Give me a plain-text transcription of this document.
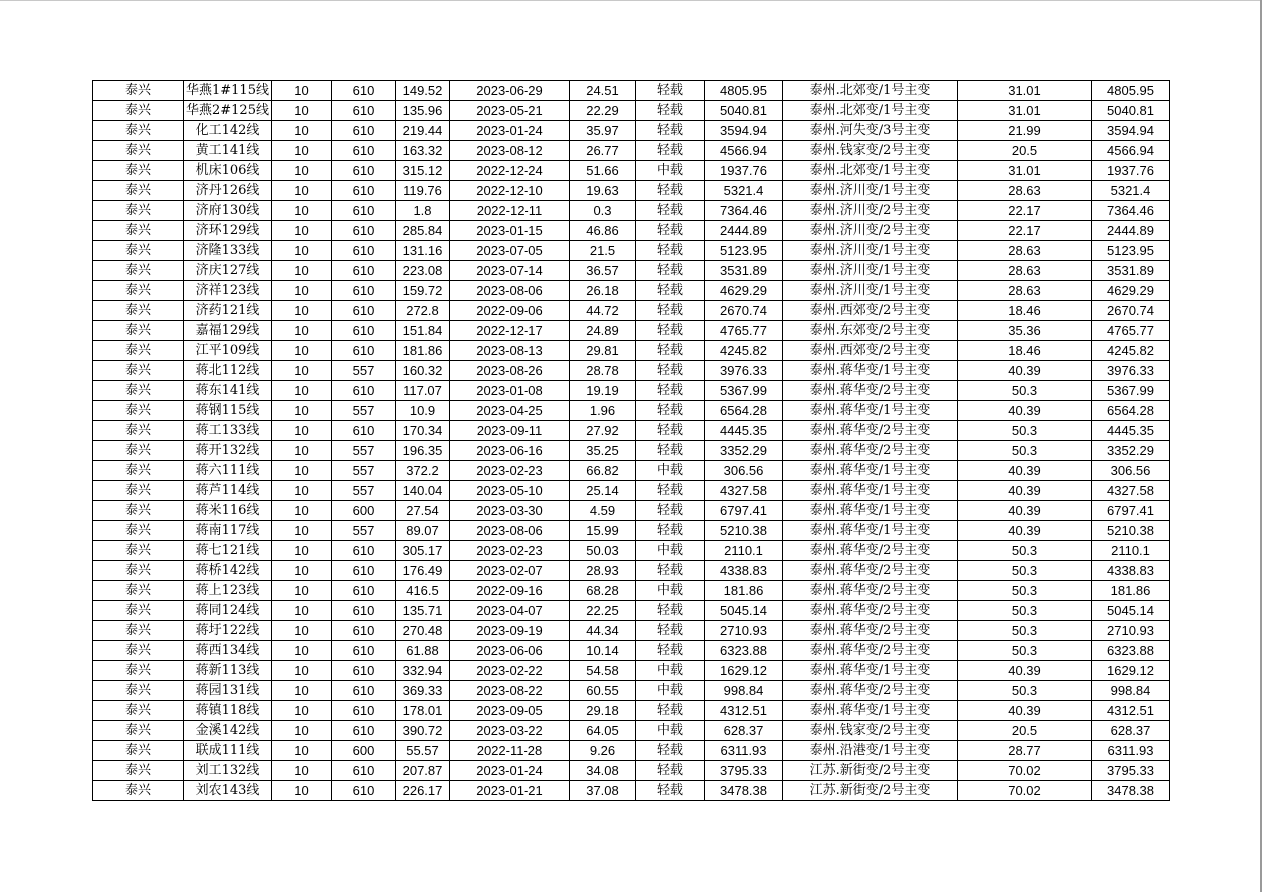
泰兴	华燕1#115线	10	610	149.52	2023-06-29	24.51	轻载	4805.95	泰州.北郊变/1号主变	31.01	4805.95
泰兴	华燕2#125线	10	610	135.96	2023-05-21	22.29	轻载	5040.81	泰州.北郊变/1号主变	31.01	5040.81
泰兴	化工142线	10	610	219.44	2023-01-24	35.97	轻载	3594.94	泰州.河失变/3号主变	21.99	3594.94
泰兴	黄工141线	10	610	163.32	2023-08-12	26.77	轻载	4566.94	泰州.钱家变/2号主变	20.5	4566.94
泰兴	机床106线	10	610	315.12	2022-12-24	51.66	中载	1937.76	泰州.北郊变/1号主变	31.01	1937.76
泰兴	济丹126线	10	610	119.76	2022-12-10	19.63	轻载	5321.4	泰州.济川变/1号主变	28.63	5321.4
泰兴	济府130线	10	610	1.8	2022-12-11	0.3	轻载	7364.46	泰州.济川变/2号主变	22.17	7364.46
泰兴	济环129线	10	610	285.84	2023-01-15	46.86	轻载	2444.89	泰州.济川变/2号主变	22.17	2444.89
泰兴	济隆133线	10	610	131.16	2023-07-05	21.5	轻载	5123.95	泰州.济川变/1号主变	28.63	5123.95
泰兴	济庆127线	10	610	223.08	2023-07-14	36.57	轻载	3531.89	泰州.济川变/1号主变	28.63	3531.89
泰兴	济祥123线	10	610	159.72	2023-08-06	26.18	轻载	4629.29	泰州.济川变/1号主变	28.63	4629.29
泰兴	济药121线	10	610	272.8	2022-09-06	44.72	轻载	2670.74	泰州.西郊变/2号主变	18.46	2670.74
泰兴	嘉福129线	10	610	151.84	2022-12-17	24.89	轻载	4765.77	泰州.东郊变/2号主变	35.36	4765.77
泰兴	江平109线	10	610	181.86	2023-08-13	29.81	轻载	4245.82	泰州.西郊变/2号主变	18.46	4245.82
泰兴	蒋北112线	10	557	160.32	2023-08-26	28.78	轻载	3976.33	泰州.蒋华变/1号主变	40.39	3976.33
泰兴	蒋东141线	10	610	117.07	2023-01-08	19.19	轻载	5367.99	泰州.蒋华变/2号主变	50.3	5367.99
泰兴	蒋钢115线	10	557	10.9	2023-04-25	1.96	轻载	6564.28	泰州.蒋华变/1号主变	40.39	6564.28
泰兴	蒋工133线	10	610	170.34	2023-09-11	27.92	轻载	4445.35	泰州.蒋华变/2号主变	50.3	4445.35
泰兴	蒋开132线	10	557	196.35	2023-06-16	35.25	轻载	3352.29	泰州.蒋华变/2号主变	50.3	3352.29
泰兴	蒋六111线	10	557	372.2	2023-02-23	66.82	中载	306.56	泰州.蒋华变/1号主变	40.39	306.56
泰兴	蒋芦114线	10	557	140.04	2023-05-10	25.14	轻载	4327.58	泰州.蒋华变/1号主变	40.39	4327.58
泰兴	蒋米116线	10	600	27.54	2023-03-30	4.59	轻载	6797.41	泰州.蒋华变/1号主变	40.39	6797.41
泰兴	蒋南117线	10	557	89.07	2023-08-06	15.99	轻载	5210.38	泰州.蒋华变/1号主变	40.39	5210.38
泰兴	蒋七121线	10	610	305.17	2023-02-23	50.03	中载	2110.1	泰州.蒋华变/2号主变	50.3	2110.1
泰兴	蒋桥142线	10	610	176.49	2023-02-07	28.93	轻载	4338.83	泰州.蒋华变/2号主变	50.3	4338.83
泰兴	蒋上123线	10	610	416.5	2022-09-16	68.28	中载	181.86	泰州.蒋华变/2号主变	50.3	181.86
泰兴	蒋同124线	10	610	135.71	2023-04-07	22.25	轻载	5045.14	泰州.蒋华变/2号主变	50.3	5045.14
泰兴	蒋圩122线	10	610	270.48	2023-09-19	44.34	轻载	2710.93	泰州.蒋华变/2号主变	50.3	2710.93
泰兴	蒋西134线	10	610	61.88	2023-06-06	10.14	轻载	6323.88	泰州.蒋华变/2号主变	50.3	6323.88
泰兴	蒋新113线	10	610	332.94	2023-02-22	54.58	中载	1629.12	泰州.蒋华变/1号主变	40.39	1629.12
泰兴	蒋园131线	10	610	369.33	2023-08-22	60.55	中载	998.84	泰州.蒋华变/2号主变	50.3	998.84
泰兴	蒋镇118线	10	610	178.01	2023-09-05	29.18	轻载	4312.51	泰州.蒋华变/1号主变	40.39	4312.51
泰兴	金溪142线	10	610	390.72	2023-03-22	64.05	中载	628.37	泰州.钱家变/2号主变	20.5	628.37
泰兴	联成111线	10	600	55.57	2022-11-28	9.26	轻载	6311.93	泰州.沿港变/1号主变	28.77	6311.93
泰兴	刘工132线	10	610	207.87	2023-01-24	34.08	轻载	3795.33	江苏.新街变/2号主变	70.02	3795.33
泰兴	刘农143线	10	610	226.17	2023-01-21	37.08	轻载	3478.38	江苏.新街变/2号主变	70.02	3478.38
